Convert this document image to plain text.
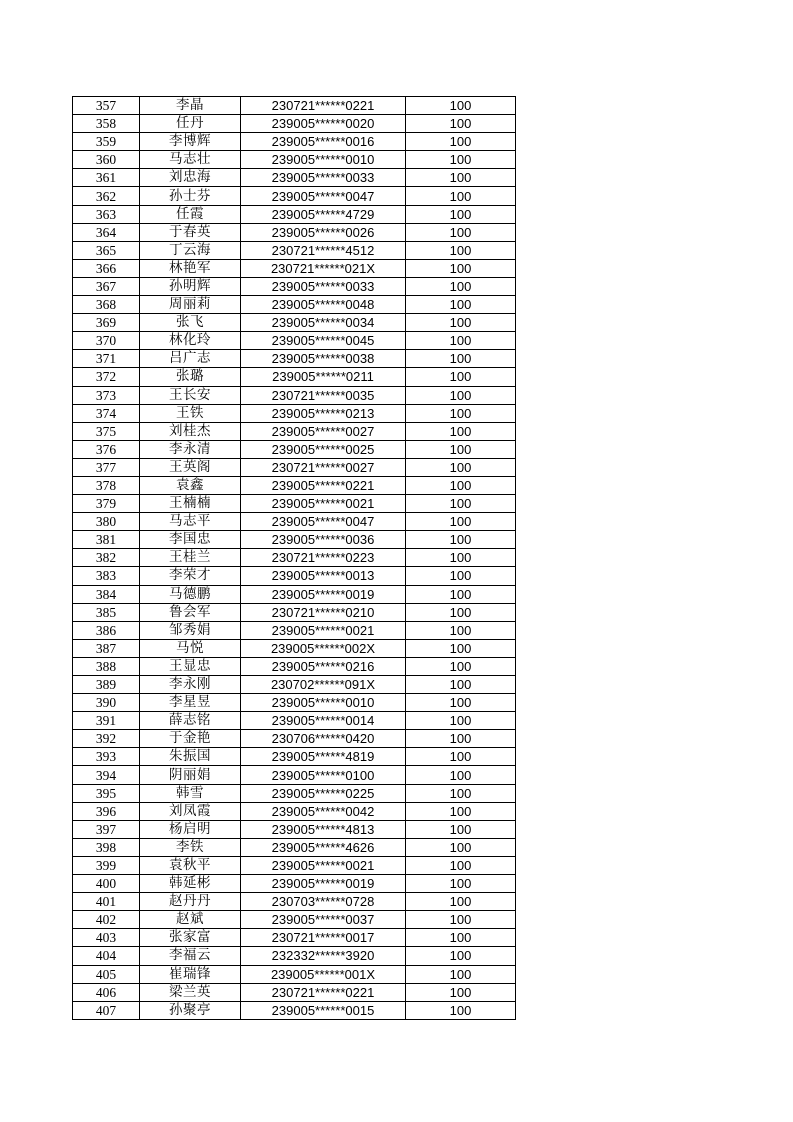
357	李晶	230721******0221	100
358	任丹	239005******0020	100
359	李博辉	239005******0016	100
360	马志壮	239005******0010	100
361	刘忠海	239005******0033	100
362	孙士芬	239005******0047	100
363	任霞	239005******4729	100
364	于春英	239005******0026	100
365	丁云海	230721******4512	100
366	林艳军	230721******021X	100
367	孙明辉	239005******0033	100
368	周丽莉	239005******0048	100
369	张飞	239005******0034	100
370	林化玲	239005******0045	100
371	吕广志	239005******0038	100
372	张璐	239005******0211	100
373	王长安	230721******0035	100
374	王铁	239005******0213	100
375	刘桂杰	239005******0027	100
376	李永清	239005******0025	100
377	王英阁	230721******0027	100
378	袁鑫	239005******0221	100
379	王楠楠	239005******0021	100
380	马志平	239005******0047	100
381	李国忠	239005******0036	100
382	王桂兰	230721******0223	100
383	李荣才	239005******0013	100
384	马德鹏	239005******0019	100
385	鲁会军	230721******0210	100
386	邹秀娟	239005******0021	100
387	马悦	239005******002X	100
388	王显忠	239005******0216	100
389	李永刚	230702******091X	100
390	李星昱	239005******0010	100
391	薛志铭	239005******0014	100
392	于金艳	230706******0420	100
393	朱振国	239005******4819	100
394	阴丽娟	239005******0100	100
395	韩雪	239005******0225	100
396	刘凤霞	239005******0042	100
397	杨启明	239005******4813	100
398	李铁	239005******4626	100
399	袁秋平	239005******0021	100
400	韩延彬	239005******0019	100
401	赵丹丹	230703******0728	100
402	赵斌	239005******0037	100
403	张家富	230721******0017	100
404	李福云	232332******3920	100
405	崔瑞锋	239005******001X	100
406	梁兰英	230721******0221	100
407	孙聚亭	239005******0015	100
